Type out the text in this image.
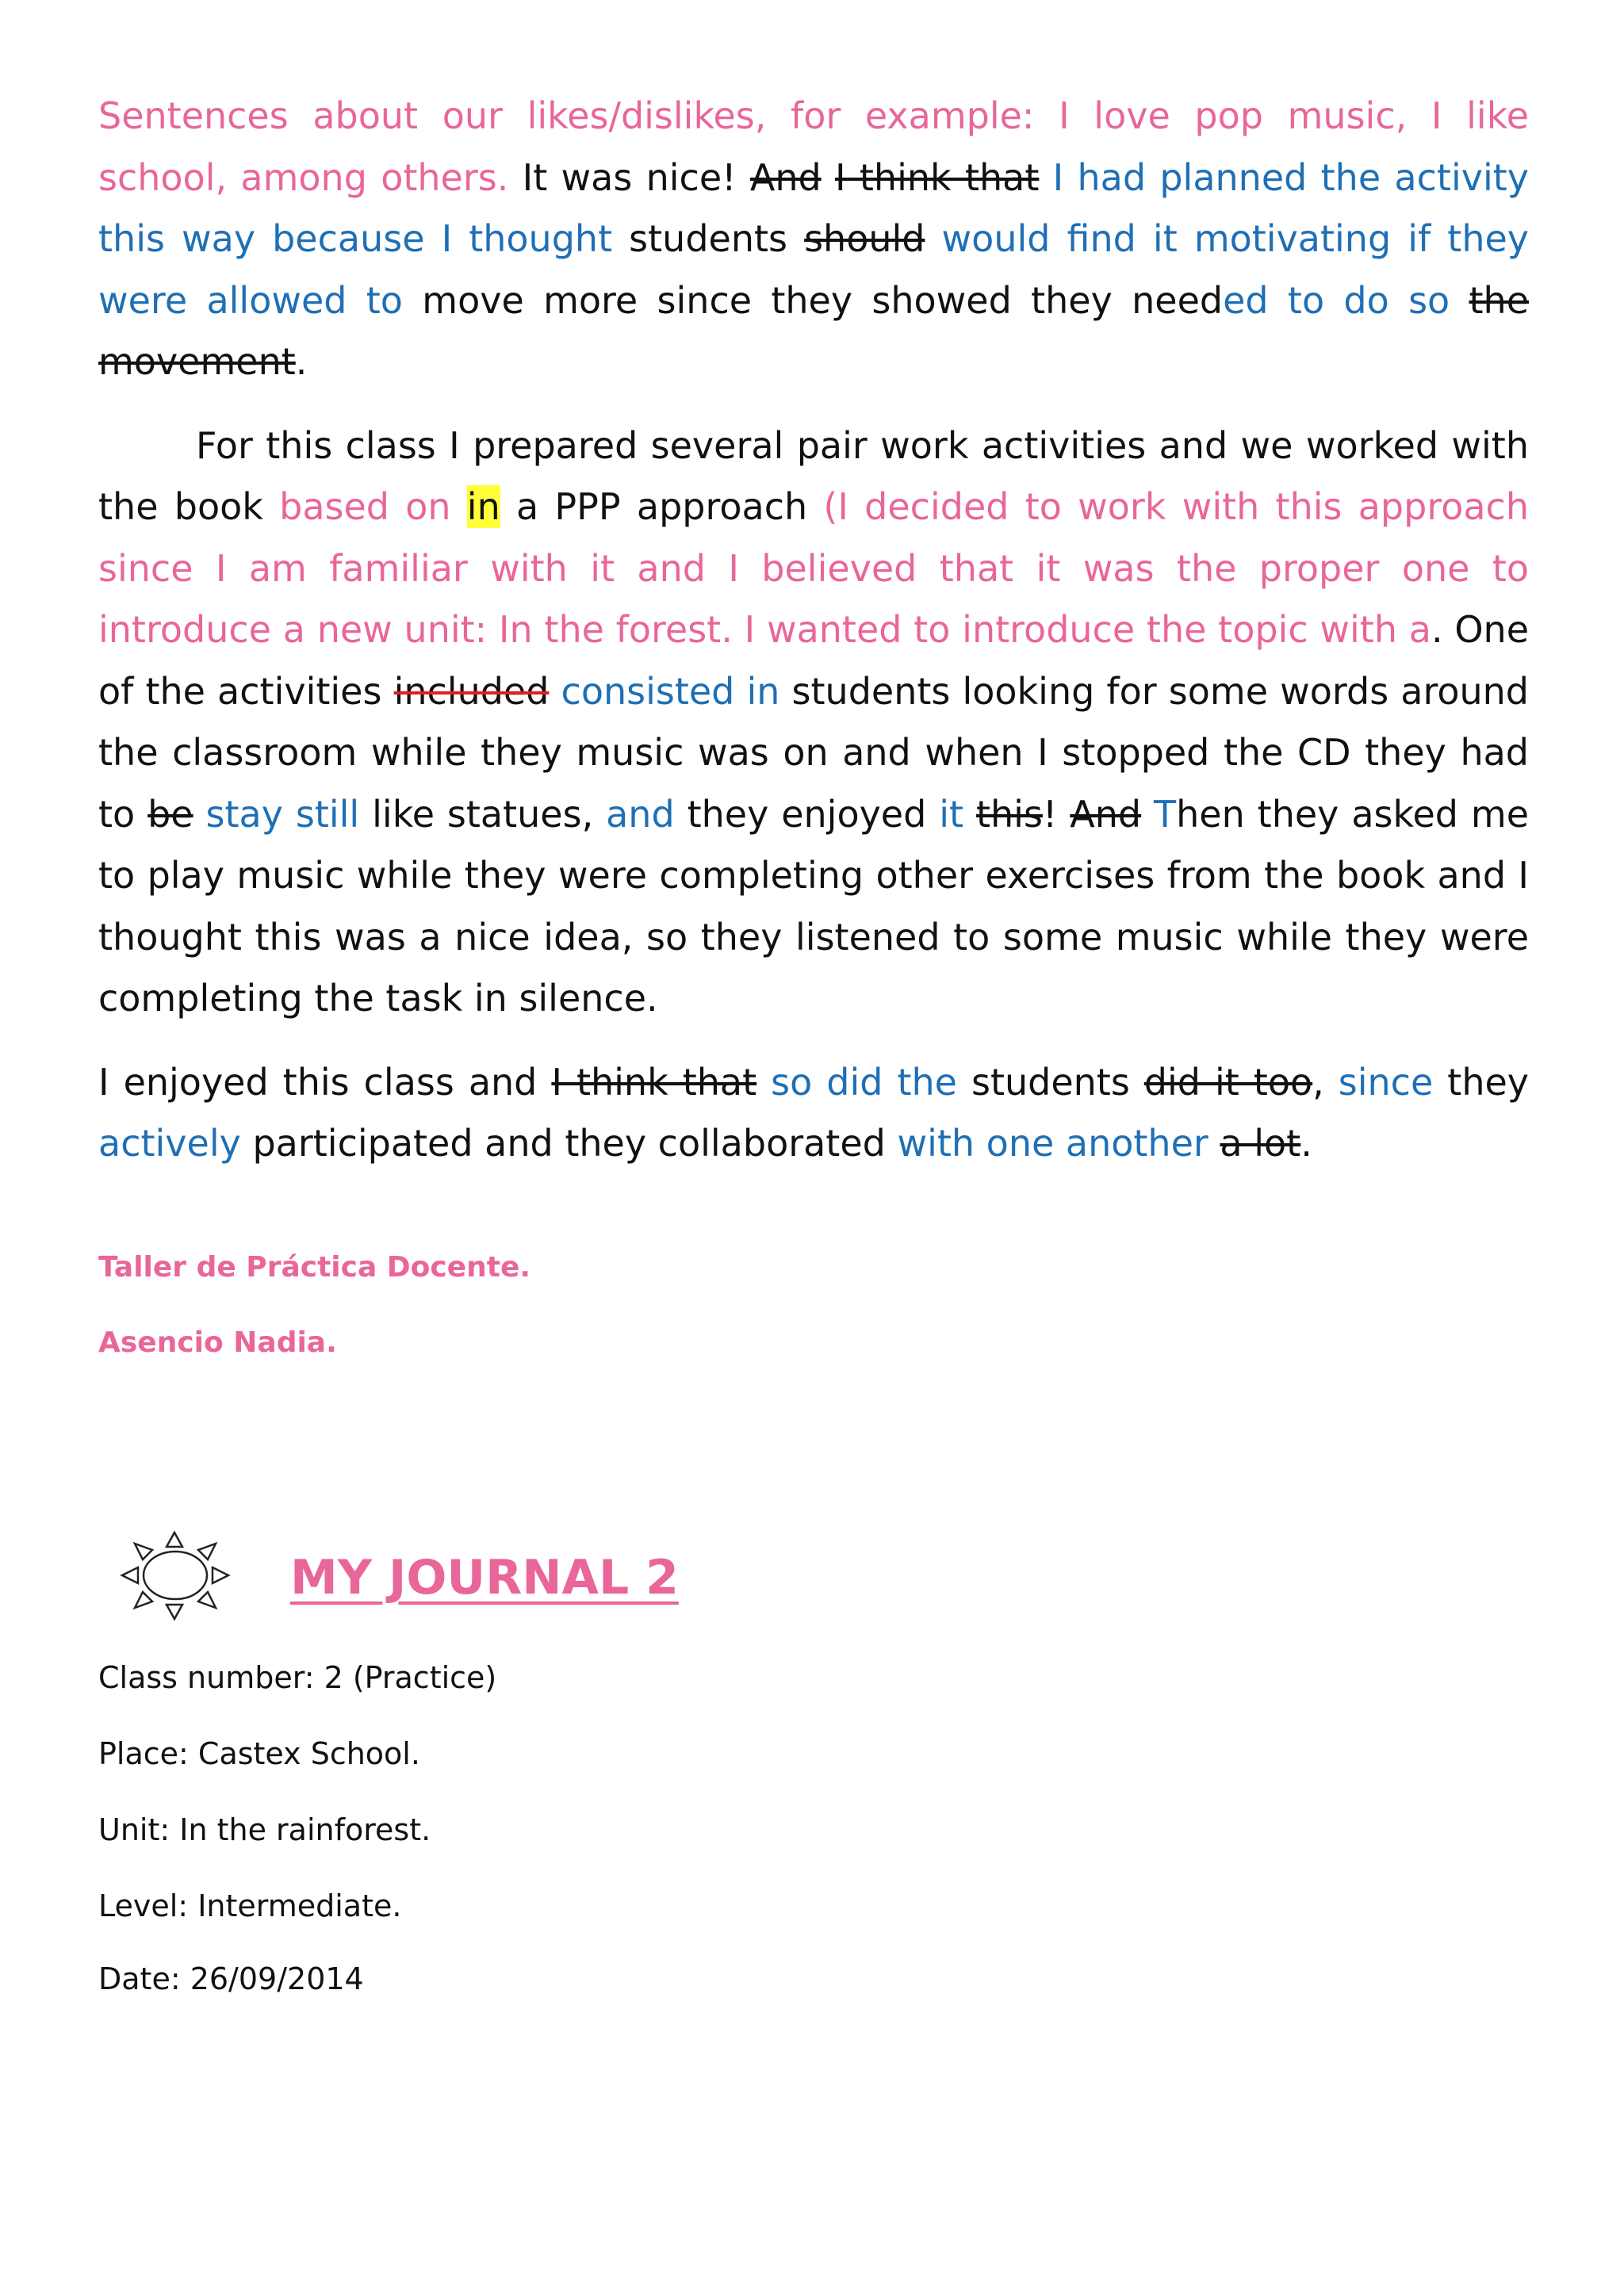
Sentences about our likes/dislikes, for example: I love pop music, I like school, among others. It was nice! And I think that I had planned the activity this way because I thought students should would find it motivating if they were allowed to move more since they showed they needed to do so the movement.

For this class I prepared several pair work activities and we worked with the book based on in a PPP approach (I decided to work with this approach since I am familiar with it and I believed that it was the proper one to introduce a new unit: In the forest. I wanted to introduce the topic with a. One of the activities included consisted in students looking for some words around the classroom while they music was on and when I stopped the CD they had to be stay still like statues, and they enjoyed it this! And Then they asked me to play music while they were completing other exercises from the book and I thought this was a nice idea, so they listened to some music while they were completing the task in silence.

I enjoyed this class and I think that so did the students did it too, since they actively participated and they collaborated with one another a lot.

Taller de Práctica Docente.
Asencio Nadia.
MY JOURNAL 2
Class number: 2 (Practice)
Place: Castex School.
Unit: In the rainforest.
Level: Intermediate.
Date: 26/09/2014
